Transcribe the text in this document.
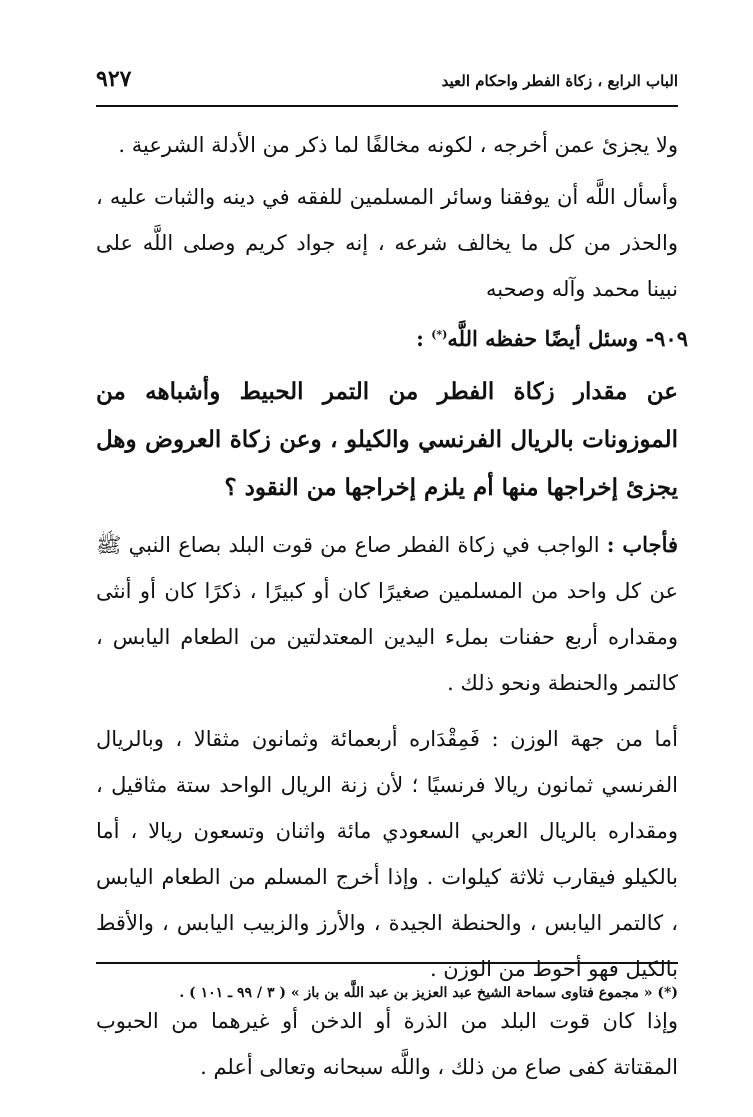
الباب الرابع ، زكاة الفطر واحكام العيد
٩٢٧

ولا يجزئ عمن أخرجه ، لكونه مخالفًا لما ذكر من الأدلة الشرعية .

وأسأل اللَّه أن يوفقنا وسائر المسلمين للفقه في دينه والثبات عليه ، والحذر من كل ما يخالف شرعه ، إنه جواد كريم وصلى اللَّه على نبينا محمد وآله وصحبه

٩٠٩- وسئل أيضًا حفظه اللَّه(*) :

عن مقدار زكاة الفطر من التمر الحبيط وأشباهه من الموزونات بالريال الفرنسي والكيلو ، وعن زكاة العروض وهل يجزئ إخراجها منها أم يلزم إخراجها من النقود ؟

فأجاب : الواجب في زكاة الفطر صاع من قوت البلد بصاع النبي ﷺ عن كل واحد من المسلمين صغيرًا كان أو كبيرًا ، ذكرًا كان أو أنثى ومقداره أربع حفنات بملء اليدين المعتدلتين من الطعام اليابس ، كالتمر والحنطة ونحو ذلك .

أما من جهة الوزن : فَمِقْدَاره أربعمائة وثمانون مثقالا ، وبالريال الفرنسي ثمانون ريالا فرنسيًا ؛ لأن زنة الريال الواحد ستة مثاقيل ، ومقداره بالريال العربي السعودي مائة واثنان وتسعون ريالا ، أما بالكيلو فيقارب ثلاثة كيلوات . وإذا أخرج المسلم من الطعام اليابس ، كالتمر اليابس ، والحنطة الجيدة ، والأرز والزبيب اليابس ، والأقط بالكيل فهو أحوط من الوزن .

وإذا كان قوت البلد من الذرة أو الدخن أو غيرهما من الحبوب المقتاتة كفى صاع من ذلك ، واللَّه سبحانه وتعالى أعلم .

(*) « مجموع فتاوى سماحة الشيخ عبد العزيز بن عبد اللَّه بن باز » ( ٣ / ٩٩ ـ ١٠١ ) .
